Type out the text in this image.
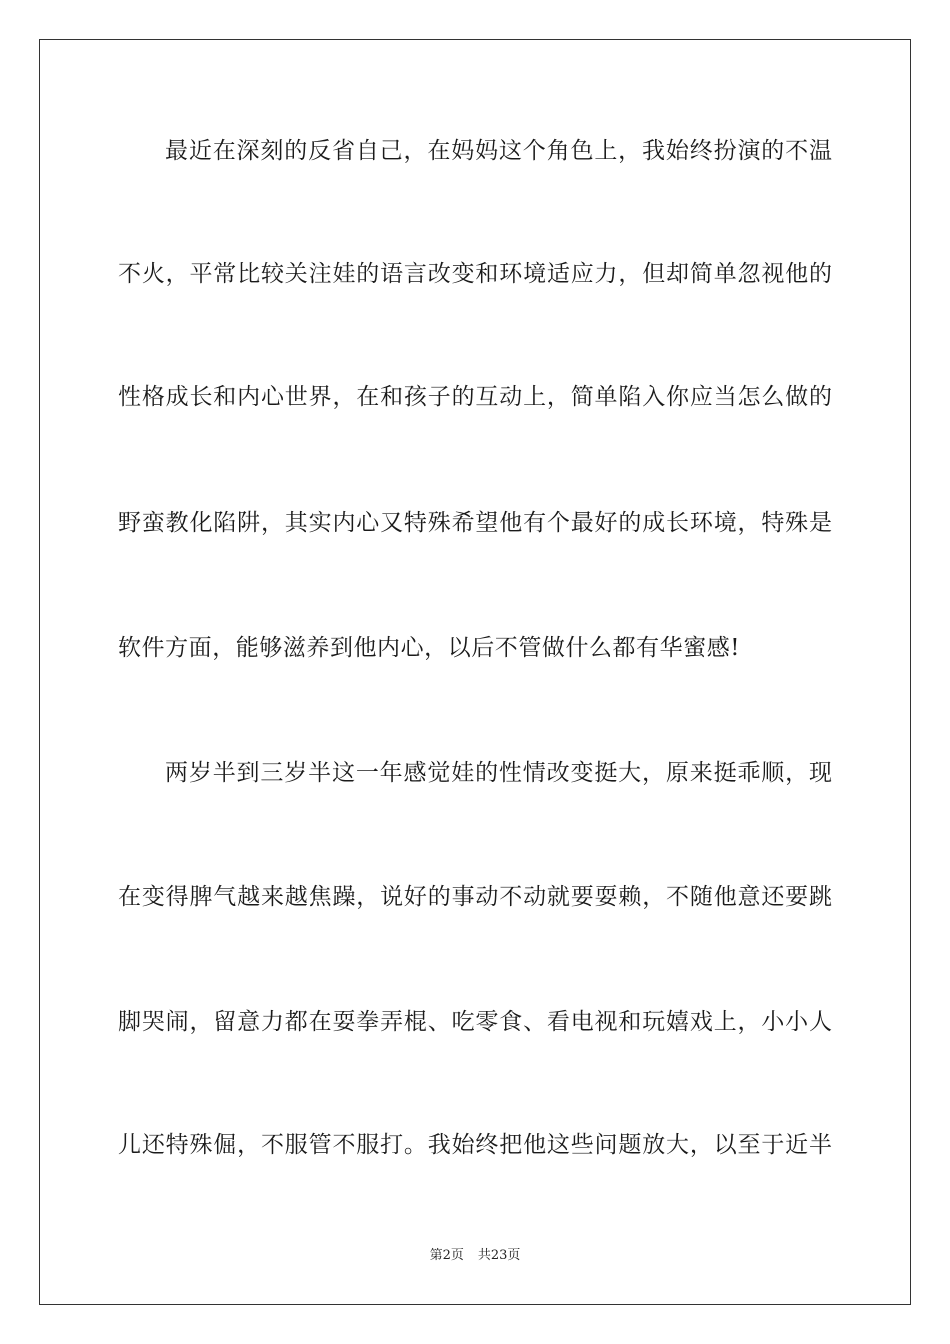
最近在深刻的反省自己，在妈妈这个角色上，我始终扮演的不温
不火，平常比较关注娃的语言改变和环境适应力，但却简单忽视他的
性格成长和内心世界，在和孩子的互动上，简单陷入你应当怎么做的
野蛮教化陷阱，其实内心又特殊希望他有个最好的成长环境，特殊是
软件方面，能够滋养到他内心，以后不管做什么都有华蜜感!
两岁半到三岁半这一年感觉娃的性情改变挺大，原来挺乖顺，现
在变得脾气越来越焦躁，说好的事动不动就要耍赖，不随他意还要跳
脚哭闹，留意力都在耍拳弄棍、吃零食、看电视和玩嬉戏上，小小人
儿还特殊倔，不服管不服打。我始终把他这些问题放大，以至于近半
第2页 共23页
